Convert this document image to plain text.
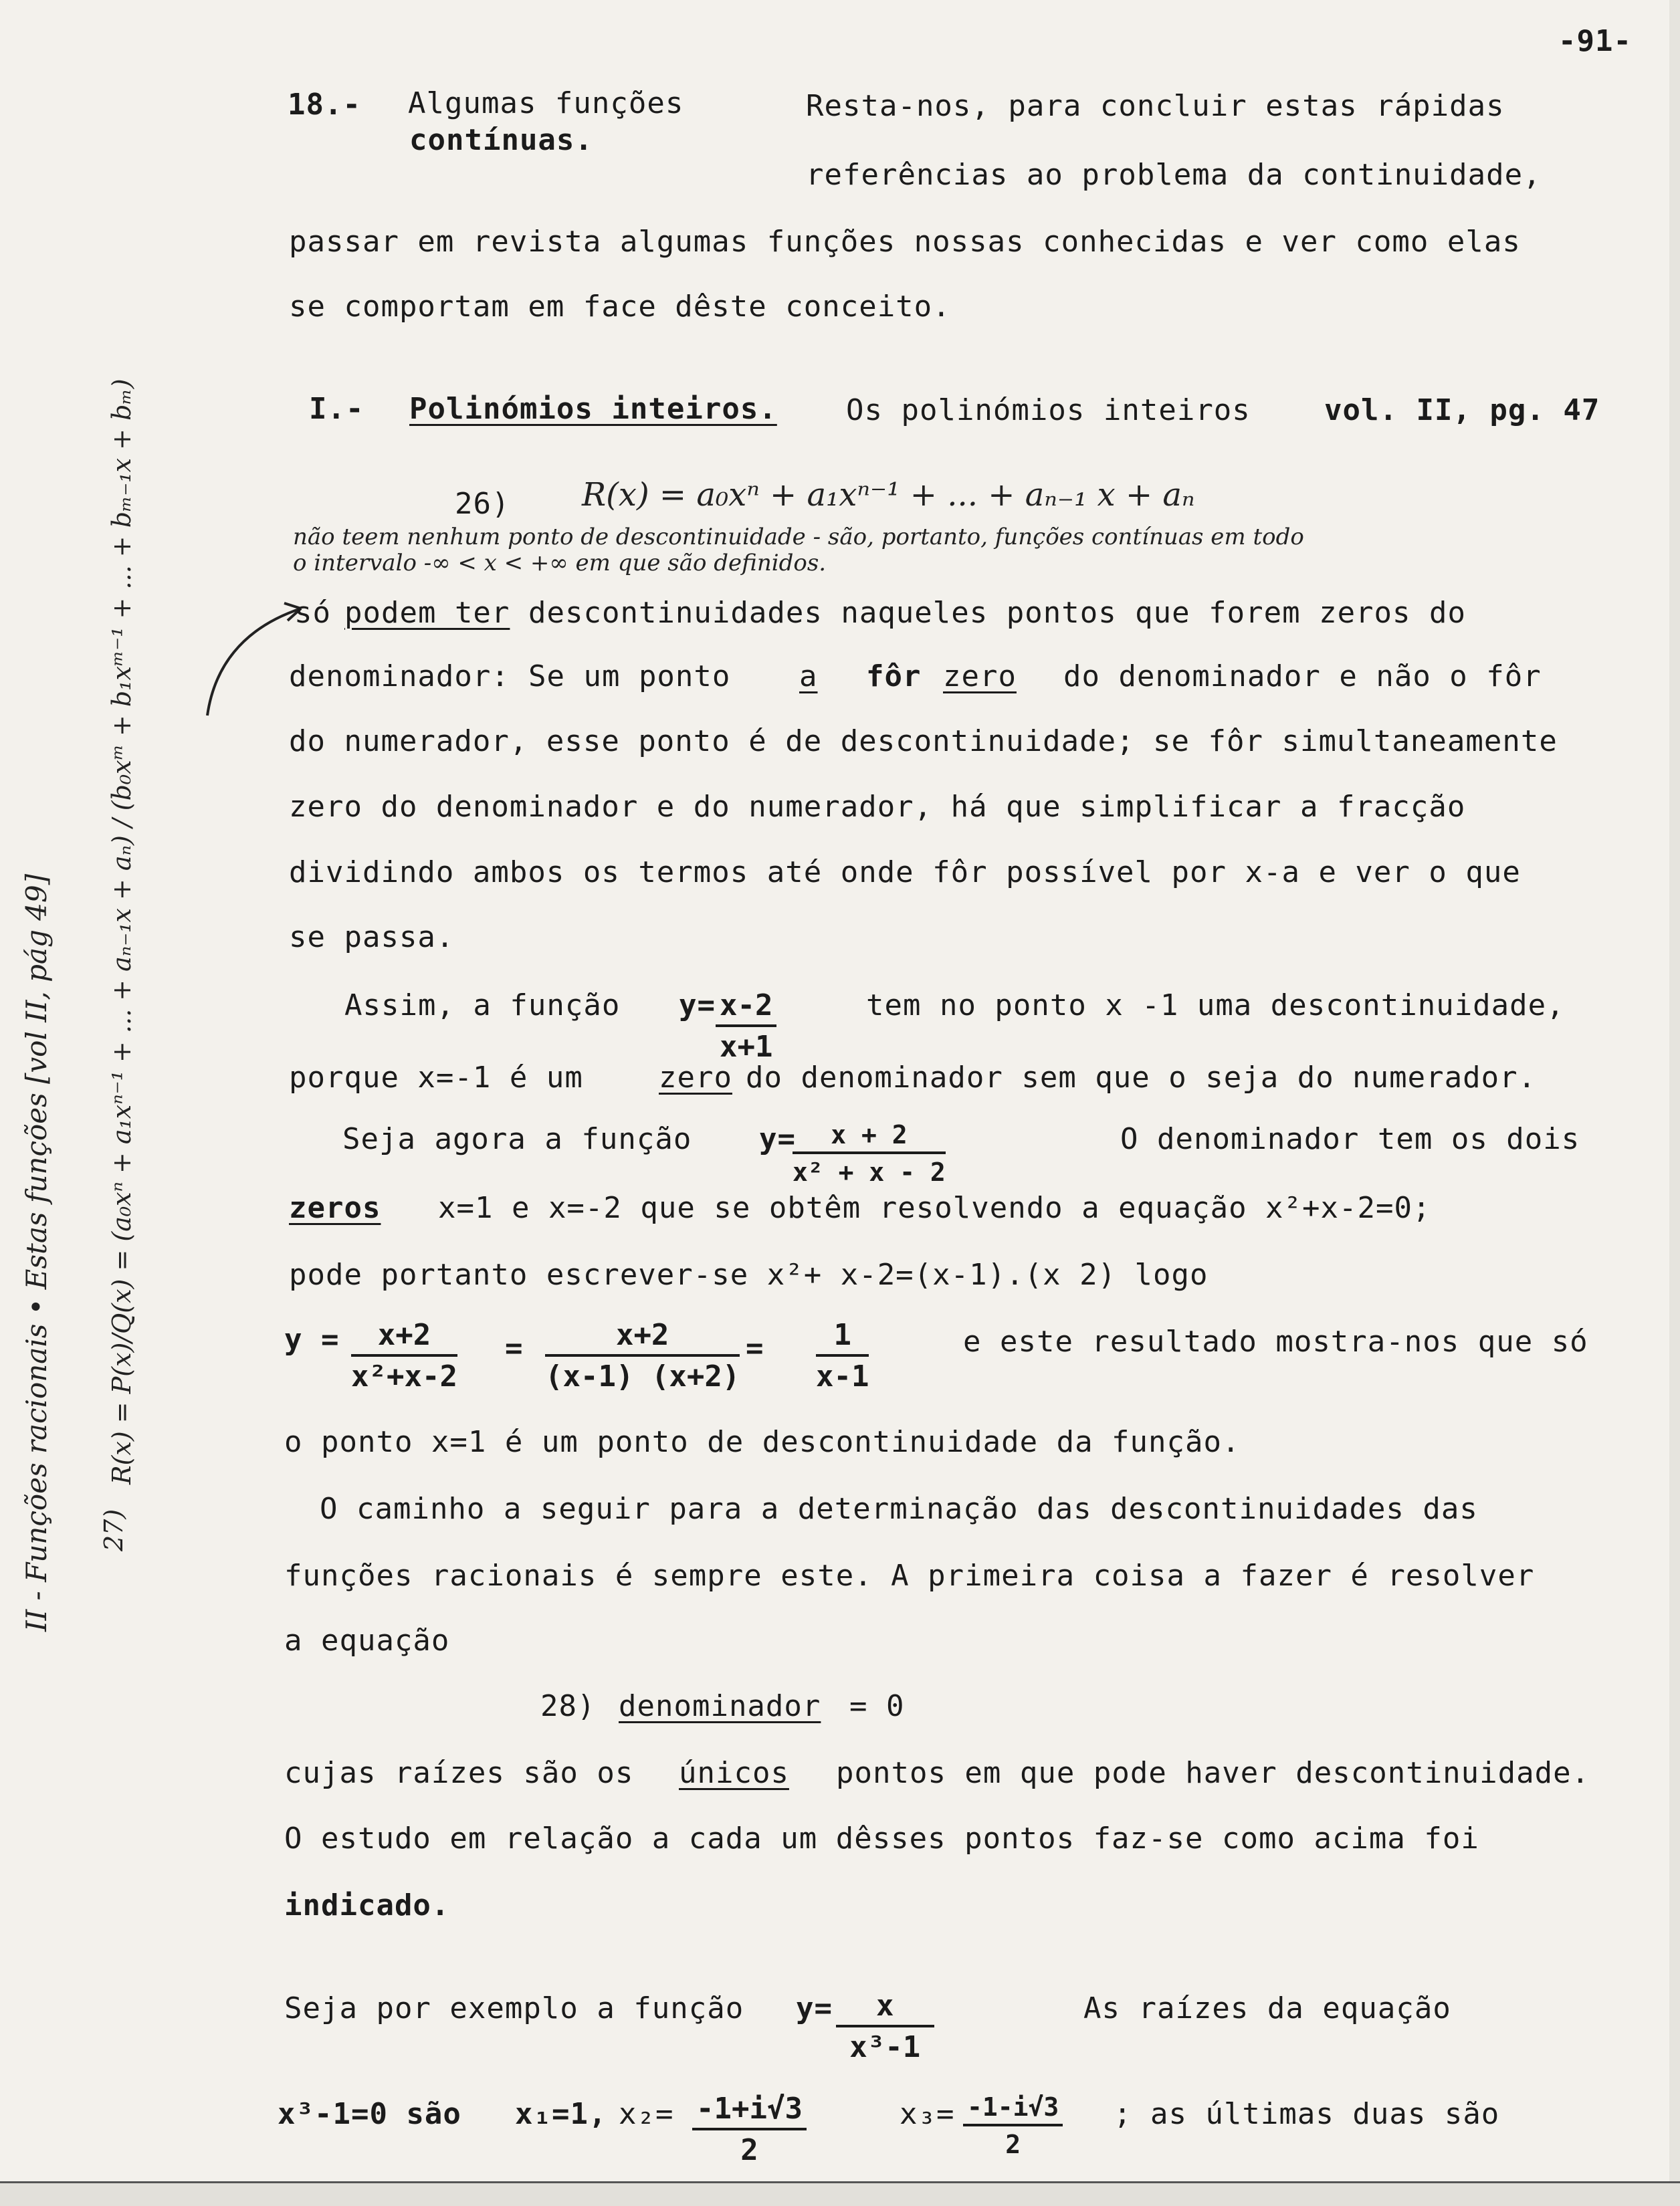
-91-
18.- Algumas funções
contínuas.
Resta-nos, para concluir estas rápidas
referências ao problema da continuidade,
passar em revista algumas funções nossas conhecidas e ver como elas
se comportam em face dêste conceito.
I.- Polinómios inteiros. Os polinómios inteiros	vol. II, pg. 47
26) R(x) = a₀xⁿ + a₁xⁿ⁻¹ + ... + aₙ₋₁ x + aₙ
não teem nenhum ponto de descontinuidade - são, portanto, funções contínuas em todo
o intervalo -∞ < x < +∞ em que são definidos.
II - Funções racionais • Estas funções [vol II, pág 49] 27)
R(x) = P(x)/Q(x) = (a₀xⁿ + a₁xⁿ⁻¹ + ... + aₙ₋₁x + aₙ) / (b₀xᵐ + b₁xᵐ⁻¹ + ... + bₘ₋₁x + bₘ)	só podem ter descontinuidades naqueles pontos que forem zeros do
denominador: Se um ponto a fôr zero do denominador e não o fôr
do numerador, esse ponto é de descontinuidade; se fôr simultaneamente
zero do denominador e do numerador, há que simplificar a fracção
dividindo ambos os termos até onde fôr possível por x-a e ver o que
se passa.
Assim, a função $y= \frac{x-2}{x+1}$	tem no ponto x -1 uma descontinuidade,
porque x=-1 é um	zero do denominador sem que o seja do numerador.
Seja agora a função y=
$\frac{x + 2}{\text{x² + x - 2}}$	O denominador tem os dois
zeros x=1 e x=-2 que se obtêm resolvendo a equação x²+x-2=0;
pode portanto escrever-se x²+ x-2=(x-1).(x 2) logo
$y = \frac{x+2}{\text{x²+x-2}} = \frac{x+2}{(x-1) (x+2)} = \frac{1}{x-1}$	e este resultado mostra-nos que só
o ponto x=1 é um ponto de descontinuidade da função.
O caminho a seguir para a determinação das descontinuidades das
funções racionais é sempre este. A primeira coisa a fazer é resolver
a equação
28) denominador = 0
cujas raízes são os únicos pontos em que pode haver descontinuidade.
O estudo em relação a cada um dêsses pontos faz-se como acima foi
indicado.
Seja por exemplo a função $y= \frac{x}{\text{x³-1}}$	As raízes da equação
x³-1=0 são x₁=1, $x_2= \frac{-1+i√3}{2}$	$x_3= \frac{-1-i√3}{2}$ ; as últimas duas são
